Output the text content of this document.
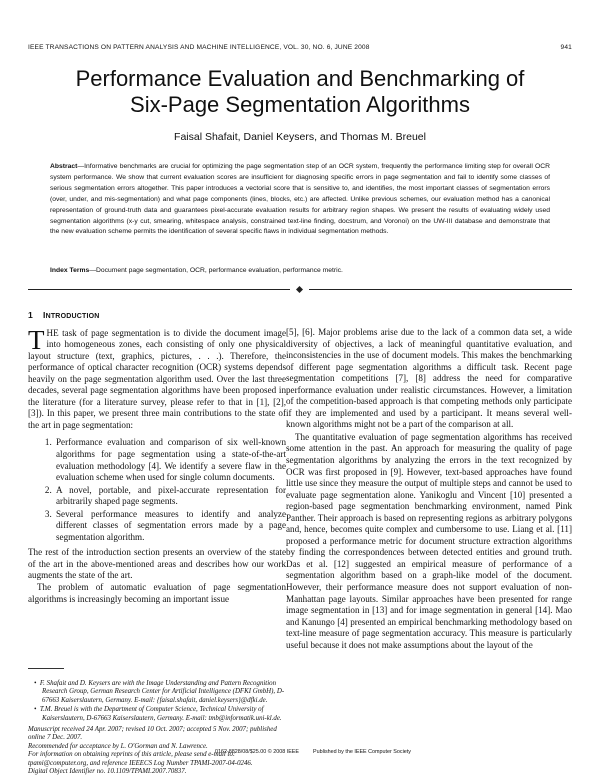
IEEE TRANSACTIONS ON PATTERN ANALYSIS AND MACHINE INTELLIGENCE, VOL. 30, NO. 6, JUNE 2008	941
Performance Evaluation and Benchmarking of
Six-Page Segmentation Algorithms
Faisal Shafait, Daniel Keysers, and Thomas M. Breuel
Abstract—Informative benchmarks are crucial for optimizing the page segmentation step of an OCR system, frequently the performance limiting step for overall OCR system performance. We show that current evaluation scores are insufficient for diagnosing specific errors in page segmentation and fail to identify some classes of serious segmentation errors altogether. This paper introduces a vectorial score that is sensitive to, and identifies, the most important classes of segmentation errors (over, under, and mis-segmentation) and what page components (lines, blocks, etc.) are affected. Unlike previous schemes, our evaluation method has a canonical representation of ground-truth data and guarantees pixel-accurate evaluation results for arbitrary region shapes. We present the results of evaluating widely used segmentation algorithms (x-y cut, smearing, whitespace analysis, constrained text-line finding, docstrum, and Voronoi) on the UW-III database and demonstrate that the new evaluation scheme permits the identification of several specific flaws in individual segmentation methods.
Index Terms—Document page segmentation, OCR, performance evaluation, performance metric.
1 INTRODUCTION

THE task of page segmentation is to divide the document image into homogeneous zones, each consisting of only one physical layout structure (text, graphics, pictures, . . .). Therefore, the performance of optical character recognition (OCR) systems depends heavily on the page segmentation algorithm used. Over the last three decades, several page segmentation algorithms have been proposed in the literature (for a literature survey, please refer to that in [1], [2], [3]). In this paper, we present three main contributions to the state of the art in page segmentation:

1. Performance evaluation and comparison of six well-known algorithms for page segmentation using a state-of-the-art evaluation methodology [4]. We identify a severe flaw in the evaluation scheme when used for single column documents.
2. A novel, portable, and pixel-accurate representation for arbitrarily shaped page segments.
3. Several performance measures to identify and analyze different classes of segmentation errors made by a page segmentation algorithm.

The rest of the introduction section presents an overview of the state of the art in the above-mentioned areas and describes how our work augments the state of the art.

The problem of automatic evaluation of page segmentation algorithms is increasingly becoming an important issue

•  F. Shafait and D. Keysers are with the Image Understanding and Pattern Recognition Research Group, German Research Center for Artificial Intelligence (DFKI GmbH), D-67663 Kaiserslautern, Germany. E-mail: {faisal.shafait, daniel.keysers}@dfki.de.
•  T.M. Breuel is with the Department of Computer Science, Technical University of Kaiserslautern, D-67663 Kaiserslautern, Germany. E-mail: tmb@informatik.uni-kl.de.
Manuscript received 24 Apr. 2007; revised 10 Oct. 2007; accepted 5 Nov. 2007; published online 7 Dec. 2007.
Recommended for acceptance by L. O'Gorman and N. Lawrence.
For information on obtaining reprints of this article, please send e-mail to: tpami@computer.org, and reference IEEECS Log Number TPAMI-2007-04-0246.
Digital Object Identifier no. 10.1109/TPAMI.2007.70837.

[5], [6]. Major problems arise due to the lack of a common data set, a wide diversity of objectives, a lack of meaningful quantitative evaluation, and inconsistencies in the use of document models. This makes the benchmarking of different page segmentation algorithms a difficult task. Recent page segmentation competitions [7], [8] address the need for comparative performance evaluation under realistic circumstances. However, a limitation of the competition-based approach is that competing methods only participate if they are implemented and used by a participant. It means several well-known algorithms might not be a part of the comparison at all.

The quantitative evaluation of page segmentation algorithms has received some attention in the past. An approach for measuring the quality of page segmentation algorithms by analyzing the errors in the text recognized by OCR was first proposed in [9]. However, text-based approaches have found little use since they measure the output of multiple steps and cannot be used to evaluate page segmentation alone. Yanikoglu and Vincent [10] presented a region-based page segmentation benchmarking environment, named Pink Panther. Their approach is based on representing regions as arbitrary polygons and, hence, becomes quite complex and cumbersome to use. Liang et al. [11] proposed a performance metric for document structure extraction algorithms by finding the correspondences between detected entities and ground truth. Das et al. [12] suggested an empirical measure of performance of a segmentation algorithm based on a graph-like model of the document. However, their performance measure does not support evaluation of non-Manhattan page layouts. Similar approaches have been presented for range image segmentation in [13] and for image segmentation in general [14]. Mao and Kanungo [4] presented an empirical benchmarking methodology based on text-line measure of page segmentation accuracy. This measure is particularly useful because it does not make assumptions about the layout of the

0162-8828/08/$25.00 © 2008 IEEE	Published by the IEEE Computer Society
